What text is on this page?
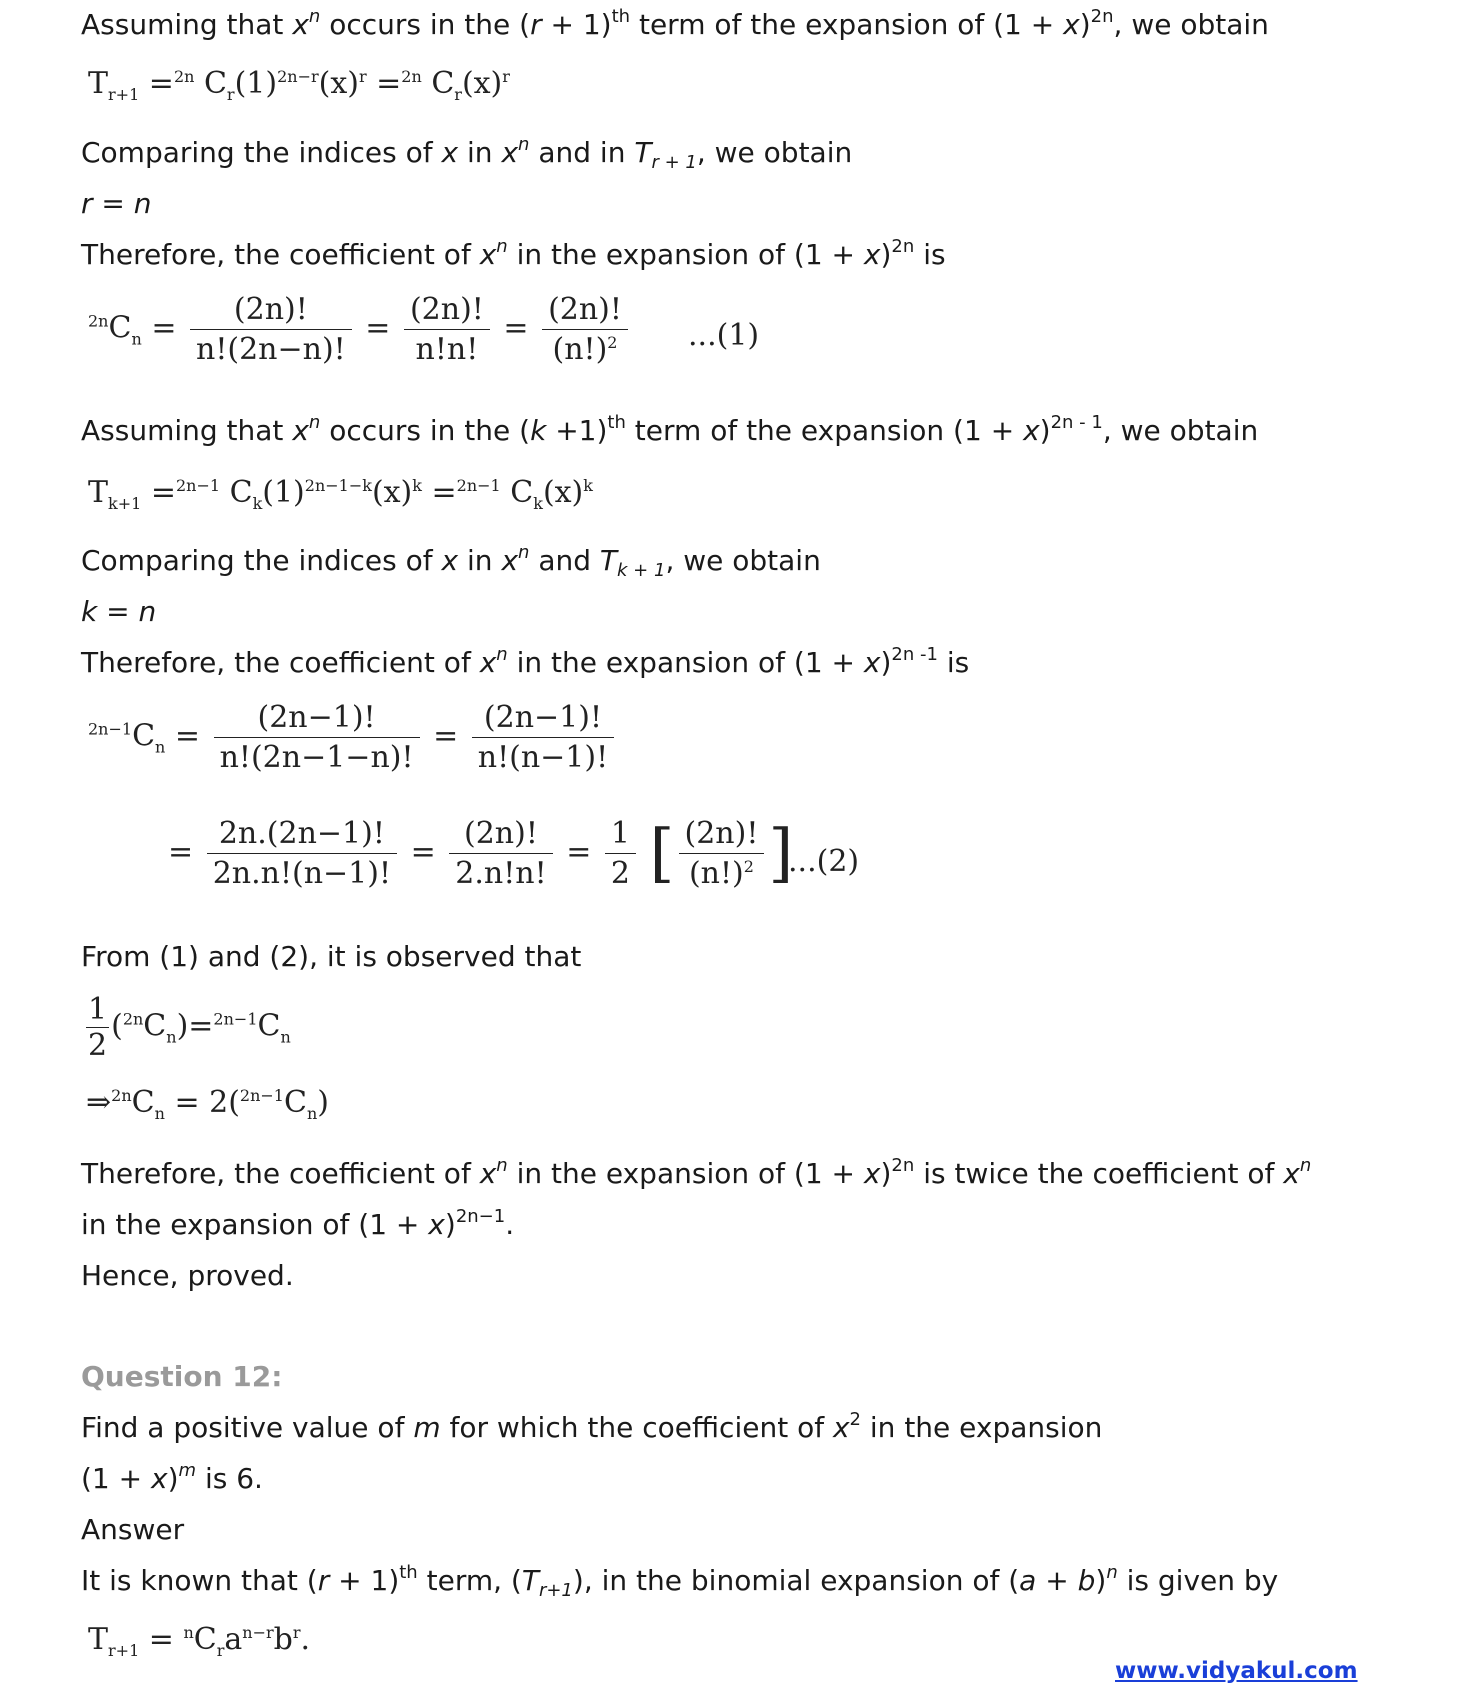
Assuming that $x^n$ occurs in the $(r + 1)^{th}$ term of the expansion of $(1 + x)^{2n}$, we obtain
$T_{r+1} =^{2n}$ $C_r(1)^{2n-r}(x)^r =^{2n}$ $C_r(x)^r$
Comparing the indices of x in $x^n$ and in $T_{r + 1}$, we obtain
r = n
Therefore, the coefficient of $x^n$ in the expansion of $(1 + x)^{2n}$ is
$^{2n}C_n = \frac{(2n)!}{n!(2n-n)!} = \frac{(2n)!}{n!n!} = \frac{(2n)!}{(n!)^2} ...(1)$
Assuming that $x^n$ occurs in the $(k +1)^{th}$ term of the expansion $(1 + x)^{2n - 1}$, we obtain
$T_{k+1} =^{2n-1}$ $C_k(1)^{2n-1-k}(x)^k =^{2n-1}$ $C_k(x)^k$
Comparing the indices of x in $x^n$ and $T_{k + 1}$, we obtain
k = n
Therefore, the coefficient of $x^n$ in the expansion of $(1 + x)^{2n -1}$ is
$^{2n-1}C_n = \frac{(2n-1)!}{n!(2n-1-n)!} = \frac{(2n-1)!}{n!(n-1)!}$
= $\frac{2n.(2n-1)!}{2n.n!(n-1)!} = \frac{(2n)!}{2.n!n!} = \frac{1}{2}$ [ $\frac{(2n)!}{(n!)^2}$ ]
...(2)
From (1) and (2), it is observed that
$\frac{1}{2} (^{2n}C_n)=^{2n-1}C_n$
$\Rightarrow^{2n}C_n = 2(^{2n-1}C_n)$
Therefore, the coefficient of $x^n$ in the expansion of $(1 + x)^{2n}$ is twice the coefficient of $x^n$
in the expansion of $(1 + x)^{2n-1}$.
Hence, proved.
Question 12:
Find a positive value of m for which the coefficient of $x^2$ in the expansion
$(1 + x)^m$ is 6.
Answer
It is known that $(r + 1)^{th}$ term, $(T_{r+1})$, in the binomial expansion of $(a + b)^n$ is given by
$T_{r+1} = ^nC_ra^{n-r}b^r$.
www.vidyakul.com
